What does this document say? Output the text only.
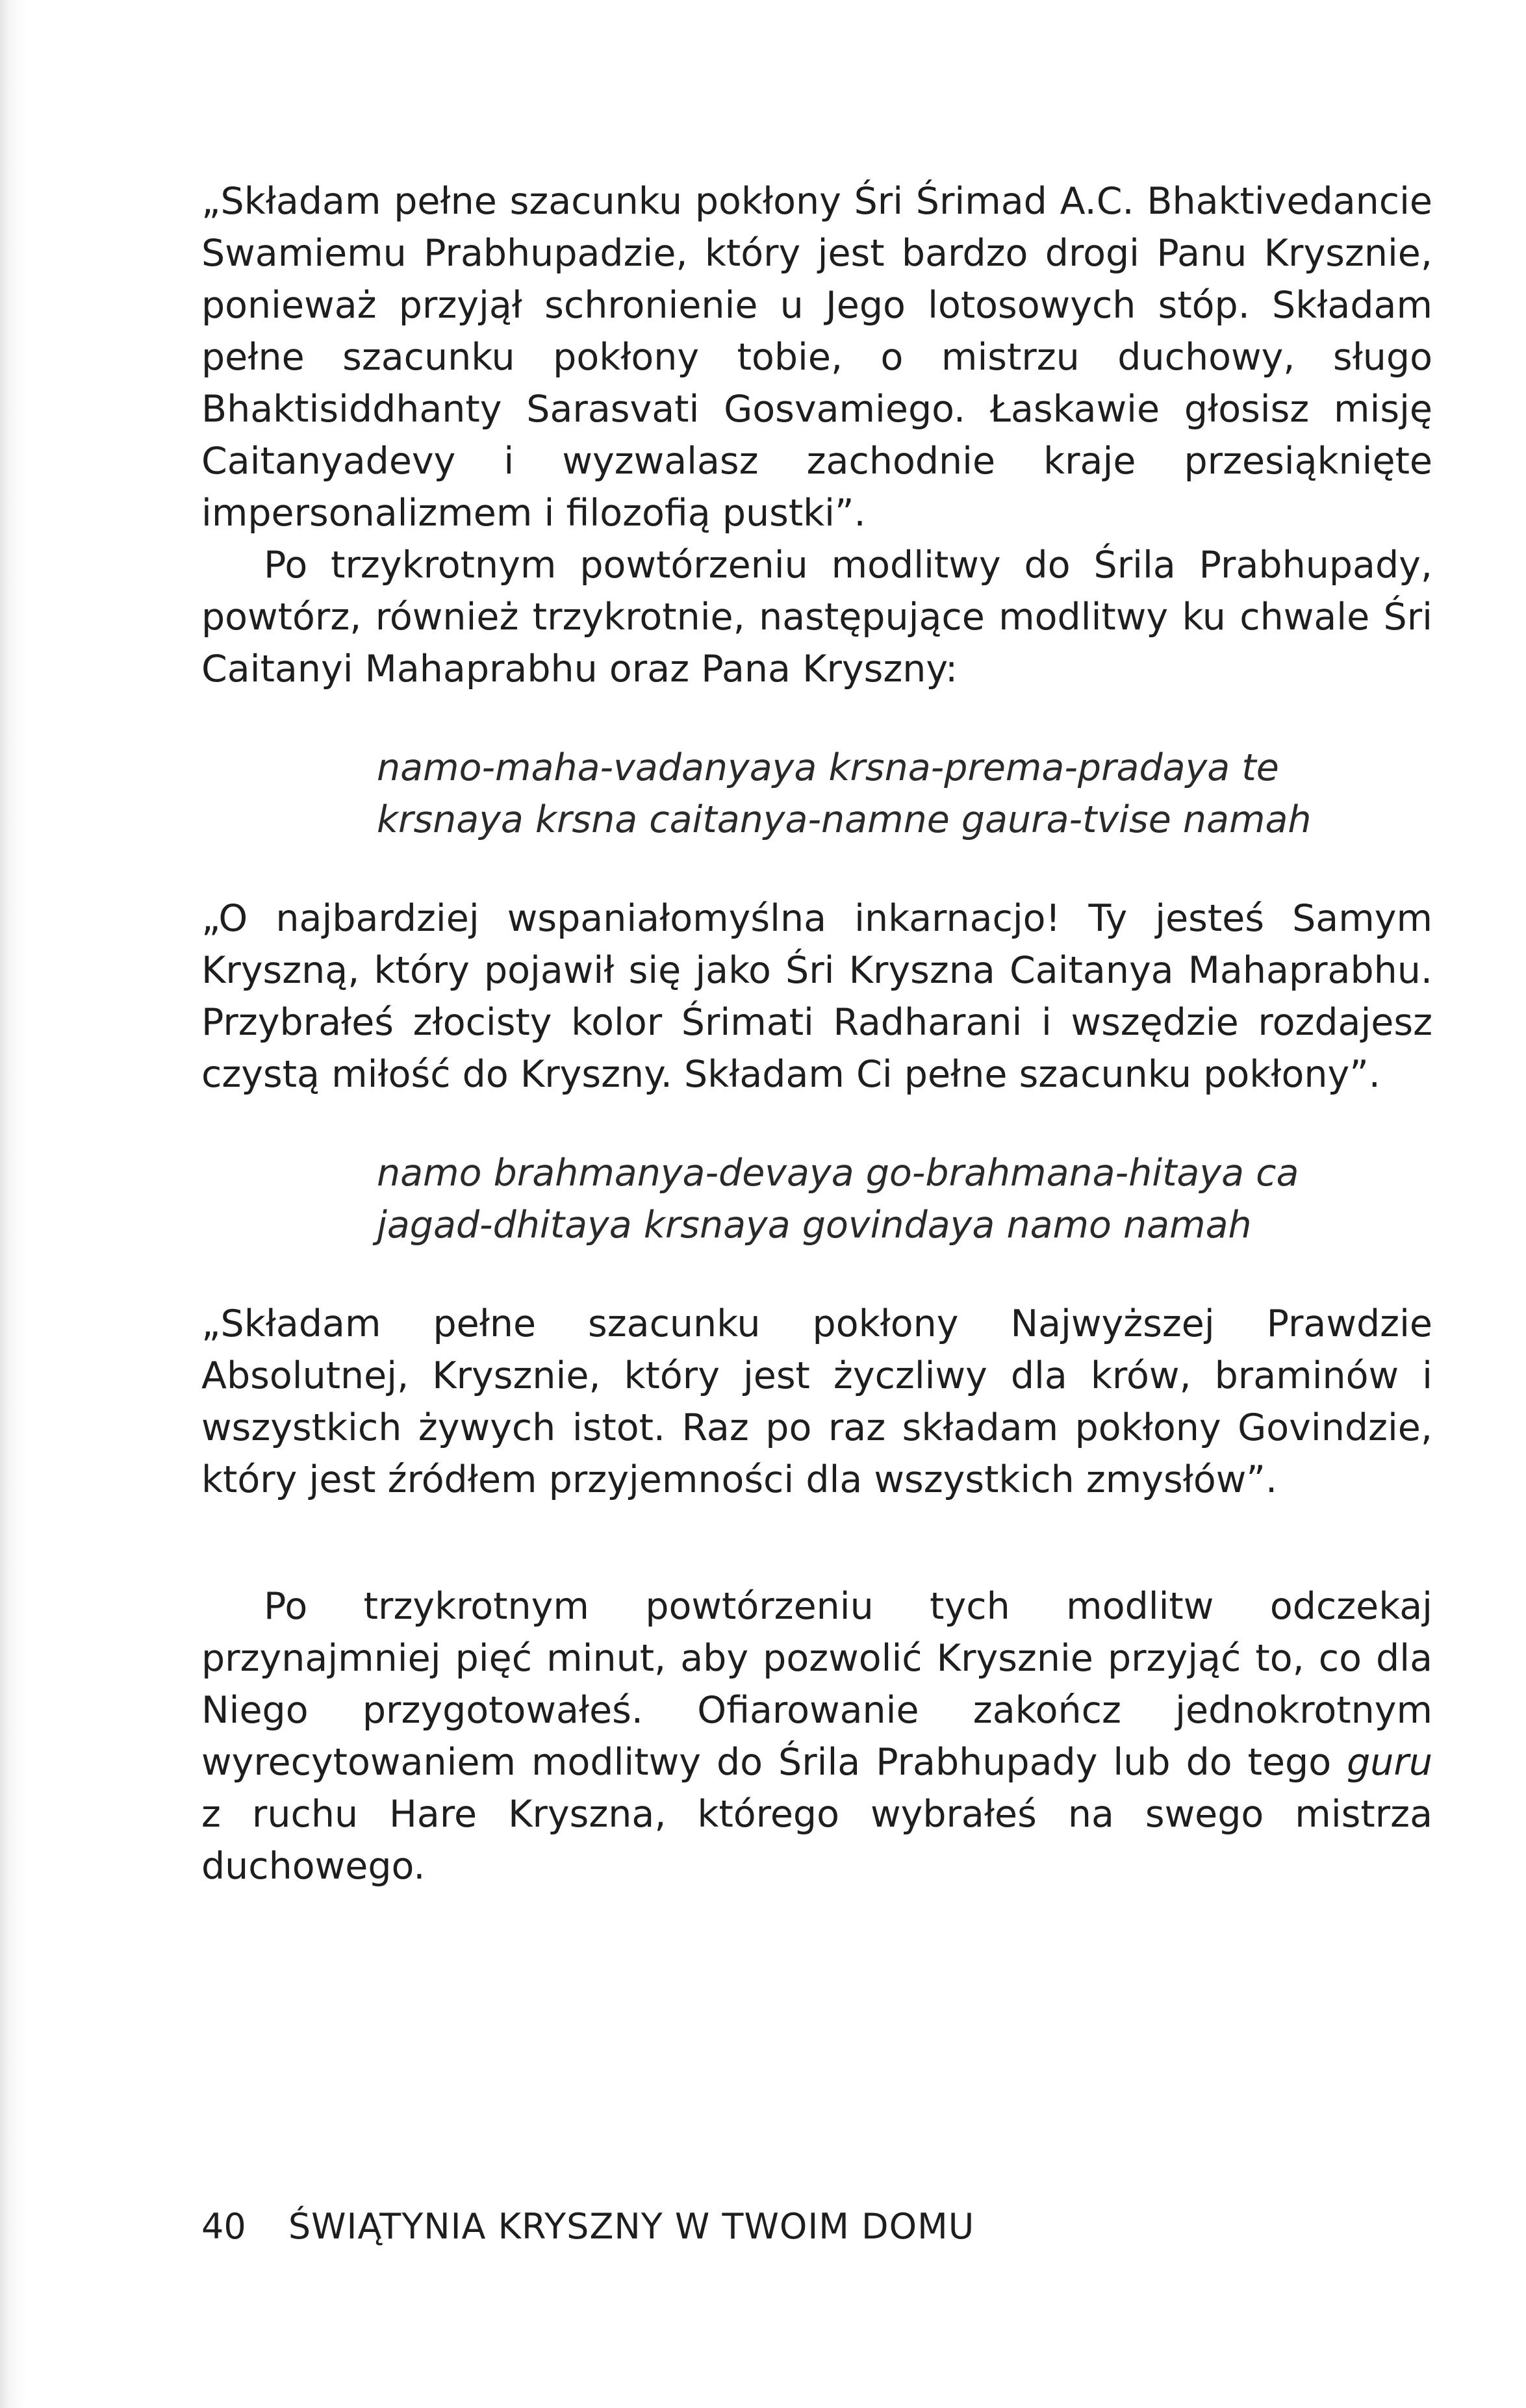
„Składam pełne szacunku pokłony Śri Śrimad A.C. Bhaktivedancie Swamiemu Prabhupadzie, który jest bardzo drogi Panu Krysznie, ponieważ przyjął schronienie u Jego lotosowych stóp. Składam pełne szacunku pokłony tobie, o mistrzu duchowy, sługo Bhaktisiddhanty Sarasvati Gosvamiego. Łaskawie głosisz misję Caitanyadevy i wyzwalasz zachodnie kraje przesiąknięte impersonalizmem i filozofią pustki”.

Po trzykrotnym powtórzeniu modlitwy do Śrila Prabhupady, powtórz, również trzykrotnie, następujące modlitwy ku chwale Śri Caitanyi Mahaprabhu oraz Pana Kryszny:

namo-maha-vadanyaya krsna-prema-pradaya te
krsnaya krsna caitanya-namne gaura-tvise namah

„O najbardziej wspaniałomyślna inkarnacjo! Ty jesteś Samym Kryszną, który pojawił się jako Śri Kryszna Caitanya Mahaprabhu. Przybrałeś złocisty kolor Śrimati Radharani i wszędzie rozdajesz czystą miłość do Kryszny. Składam Ci pełne szacunku pokłony”.

namo brahmanya-devaya go-brahmana-hitaya ca
jagad-dhitaya krsnaya govindaya namo namah

„Składam pełne szacunku pokłony Najwyższej Prawdzie Absolutnej, Krysznie, który jest życzliwy dla krów, braminów i wszystkich żywych istot. Raz po raz składam pokłony Govindzie, który jest źródłem przyjemności dla wszystkich zmysłów”.

Po trzykrotnym powtórzeniu tych modlitw odczekaj przynajmniej pięć minut, aby pozwolić Krysznie przyjąć to, co dla Niego przygotowałeś. Ofiarowanie zakończ jednokrotnym wyrecytowaniem modlitwy do Śrila Prabhupady lub do tego guru z ruchu Hare Kryszna, którego wybrałeś na swego mistrza duchowego.

40 ŚWIĄTYNIA KRYSZNY W TWOIM DOMU
